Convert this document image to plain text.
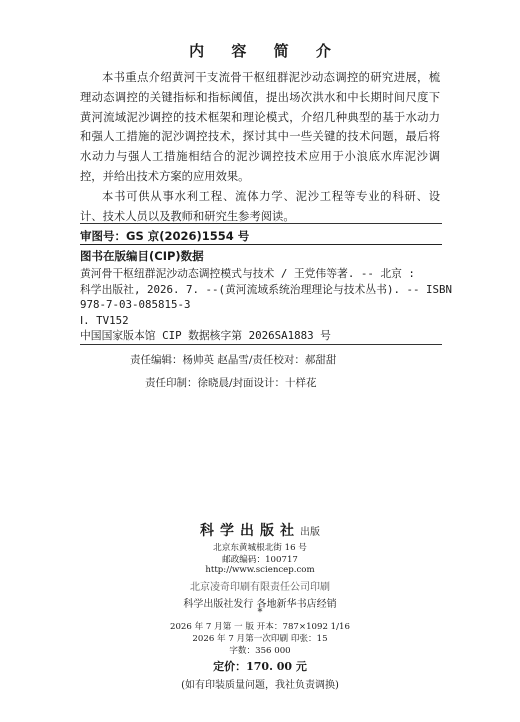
内 容 简 介

本书重点介绍黄河干支流骨干枢纽群泥沙动态调控的研究进展，梳理动态调控的关键指标和指标阈值，提出场次洪水和中长期时间尺度下黄河流域泥沙调控的技术框架和理论模式，介绍几种典型的基于水动力和强人工措施的泥沙调控技术，探讨其中一些关键的技术问题，最后将水动力与强人工措施相结合的泥沙调控技术应用于小浪底水库泥沙调控，并给出技术方案的应用效果。

本书可供从事水利工程、流体力学、泥沙工程等专业的科研、设计、技术人员以及教师和研究生参考阅读。

审图号：GS 京(2026)1554 号
图书在版编目(CIP)数据
黄河骨干枢纽群泥沙动态调控模式与技术 / 王党伟等著. -- 北京 :
科学出版社, 2026. 7. --(黄河流域系统治理理论与技术丛书). -- ISBN
978-7-03-085815-3
Ⅰ. TV152
中国国家版本馆 CIP 数据核字第 2026SA1883 号
责任编辑：杨帅英 赵晶雪/责任校对：郝甜甜
责任印制：徐晓晨/封面设计：十样花
科学出版社出版
北京东黄城根北街 16 号
邮政编码：100717
http://www.sciencep.com
北京凌奇印刷有限责任公司印刷
科学出版社发行 各地新华书店经销
*
2026 年 7 月第 一 版 开本：787×1092 1/16
2026 年 7 月第一次印刷 印张：15
字数：356 000
定价：170. 00 元
(如有印装质量问题，我社负责调换)
